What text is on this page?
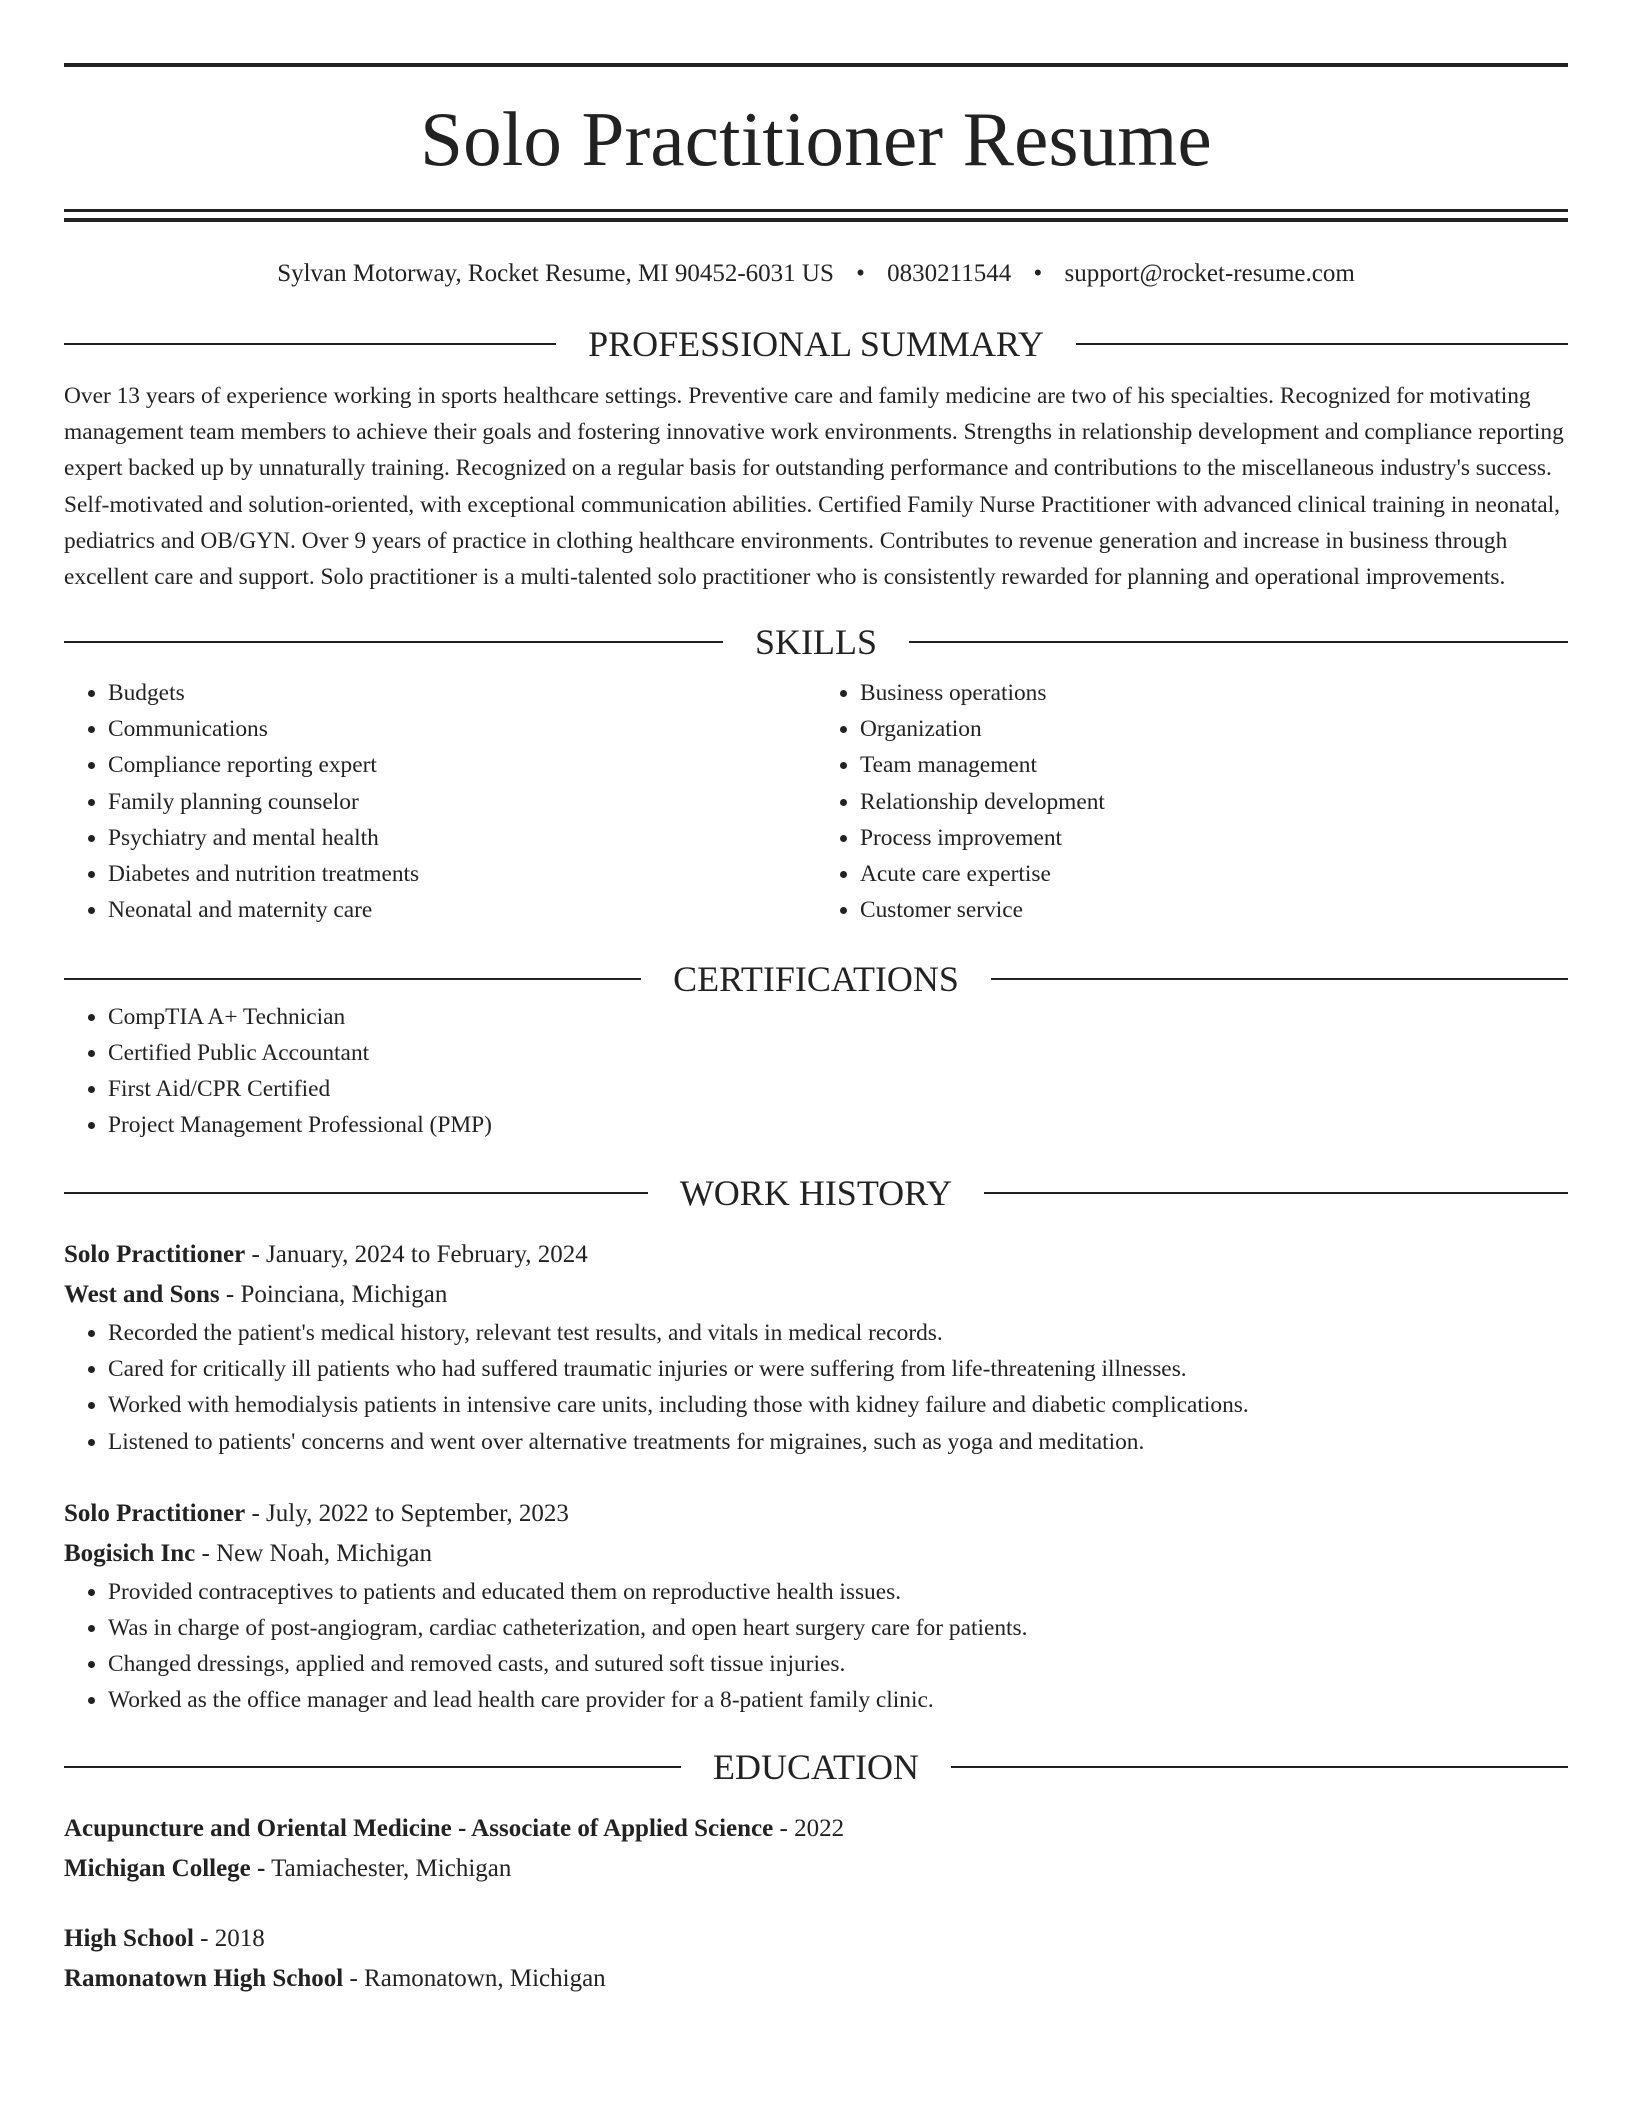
Solo Practitioner Resume
Sylvan Motorway, Rocket Resume, MI 90452-6031 US • 0830211544 • support@rocket-resume.com
PROFESSIONAL SUMMARY
Over 13 years of experience working in sports healthcare settings. Preventive care and family medicine are two of his specialties. Recognized for motivating management team members to achieve their goals and fostering innovative work environments. Strengths in relationship development and compliance reporting expert backed up by unnaturally training. Recognized on a regular basis for outstanding performance and contributions to the miscellaneous industry's success. Self-motivated and solution-oriented, with exceptional communication abilities. Certified Family Nurse Practitioner with advanced clinical training in neonatal, pediatrics and OB/GYN. Over 9 years of practice in clothing healthcare environments. Contributes to revenue generation and increase in business through excellent care and support. Solo practitioner is a multi-talented solo practitioner who is consistently rewarded for planning and operational improvements.
SKILLS
• Budgets
• Communications
• Compliance reporting expert
• Family planning counselor
• Psychiatry and mental health
• Diabetes and nutrition treatments
• Neonatal and maternity care
• Business operations
• Organization
• Team management
• Relationship development
• Process improvement
• Acute care expertise
• Customer service
CERTIFICATIONS
• CompTIA A+ Technician
• Certified Public Accountant
• First Aid/CPR Certified
• Project Management Professional (PMP)
WORK HISTORY
Solo Practitioner - January, 2024 to February, 2024
West and Sons - Poinciana, Michigan
• Recorded the patient's medical history, relevant test results, and vitals in medical records.
• Cared for critically ill patients who had suffered traumatic injuries or were suffering from life-threatening illnesses.
• Worked with hemodialysis patients in intensive care units, including those with kidney failure and diabetic complications.
• Listened to patients' concerns and went over alternative treatments for migraines, such as yoga and meditation.
Solo Practitioner - July, 2022 to September, 2023
Bogisich Inc - New Noah, Michigan
• Provided contraceptives to patients and educated them on reproductive health issues.
• Was in charge of post-angiogram, cardiac catheterization, and open heart surgery care for patients.
• Changed dressings, applied and removed casts, and sutured soft tissue injuries.
• Worked as the office manager and lead health care provider for a 8-patient family clinic.
EDUCATION
Acupuncture and Oriental Medicine - Associate of Applied Science - 2022
Michigan College - Tamiachester, Michigan
High School - 2018
Ramonatown High School - Ramonatown, Michigan
